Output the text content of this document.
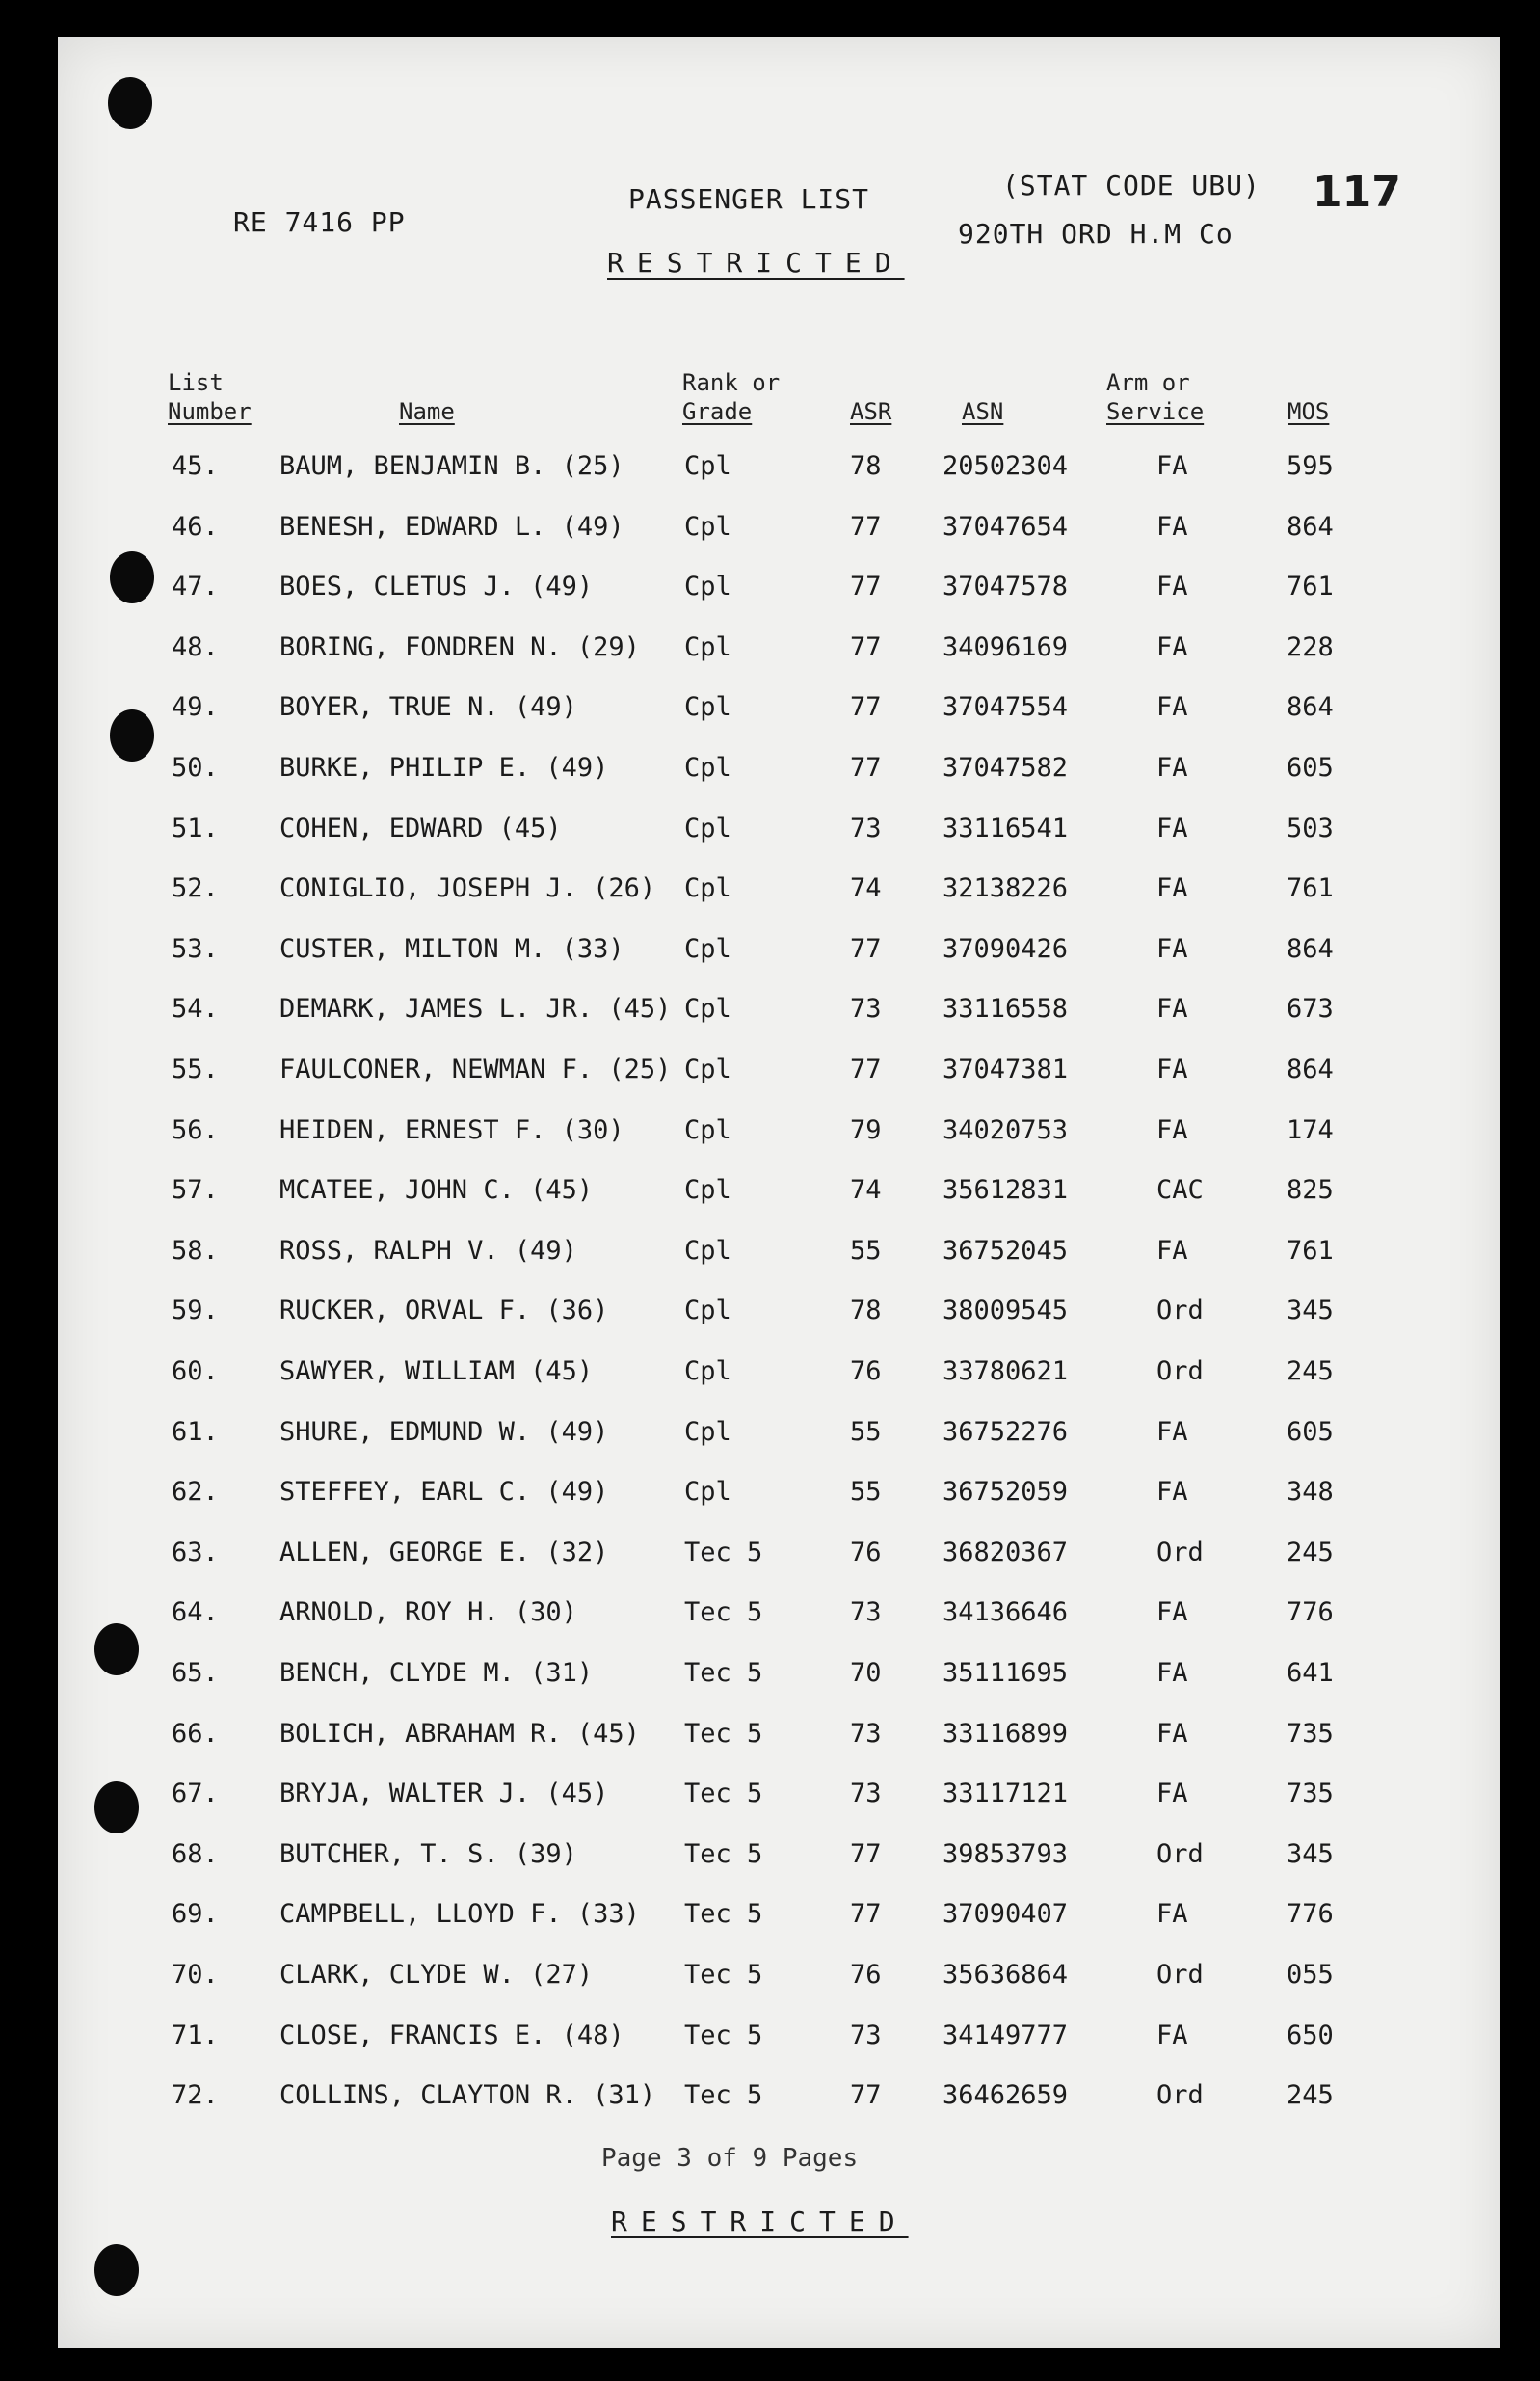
RE 7416 PP
PASSENGER LIST	(STAT CODE UBU)
920TH ORD H.M Co
117
RESTRICTED
List
Number	Name
Rank or
Grade	ASR	ASN
Arm or
Service	MOS
45. BAUM, BENJAMIN B. (25) Cpl	78 20502304	FA	595
46. BENESH, EDWARD L. (49) Cpl	77 37047654	FA	864
47. BOES, CLETUS J. (49)	Cpl	77 37047578	FA	761
48. BORING, FONDREN N. (29) Cpl	77 34096169	FA	228
49. BOYER, TRUE N. (49)	Cpl	77 37047554	FA	864
50. BURKE, PHILIP E. (49)	Cpl	77 37047582	FA	605
51. COHEN, EDWARD (45)	Cpl	73 33116541	FA	503
52. CONIGLIO, JOSEPH J. (26) Cpl	74 32138226	FA	761
53. CUSTER, MILTON M. (33) Cpl	77 37090426	FA	864
54. DEMARK, JAMES L. JR. (45) Cpl	73 33116558	FA	673
55. FAULCONER, NEWMAN F. (25) Cpl	77 37047381	FA	864
56. HEIDEN, ERNEST F. (30) Cpl	79 34020753	FA	174
57. MCATEE, JOHN C. (45)	Cpl	74 35612831	CAC	825
58. ROSS, RALPH V. (49)	Cpl	55 36752045	FA	761
59. RUCKER, ORVAL F. (36)	Cpl	78 38009545	Ord	345
60. SAWYER, WILLIAM (45)	Cpl	76 33780621	Ord	245
61. SHURE, EDMUND W. (49)	Cpl	55 36752276	FA	605
62. STEFFEY, EARL C. (49)	Cpl	55 36752059	FA	348
63. ALLEN, GEORGE E. (32)	Tec 5	76 36820367	Ord	245
64. ARNOLD, ROY H. (30)	Tec 5	73 34136646	FA	776
65. BENCH, CLYDE M. (31)	Tec 5	70 35111695	FA	641
66. BOLICH, ABRAHAM R. (45) Tec 5	73 33116899	FA	735
67. BRYJA, WALTER J. (45)	Tec 5	73 33117121	FA	735
68. BUTCHER, T. S. (39)	Tec 5	77 39853793	Ord	345
69. CAMPBELL, LLOYD F. (33) Tec 5	77 37090407	FA	776
70. CLARK, CLYDE W. (27)	Tec 5	76 35636864	Ord	055
71. CLOSE, FRANCIS E. (48) Tec 5	73 34149777	FA	650
72. COLLINS, CLAYTON R. (31) Tec 5	77 36462659	Ord	245
Page 3 of 9 Pages
RESTRICTED
